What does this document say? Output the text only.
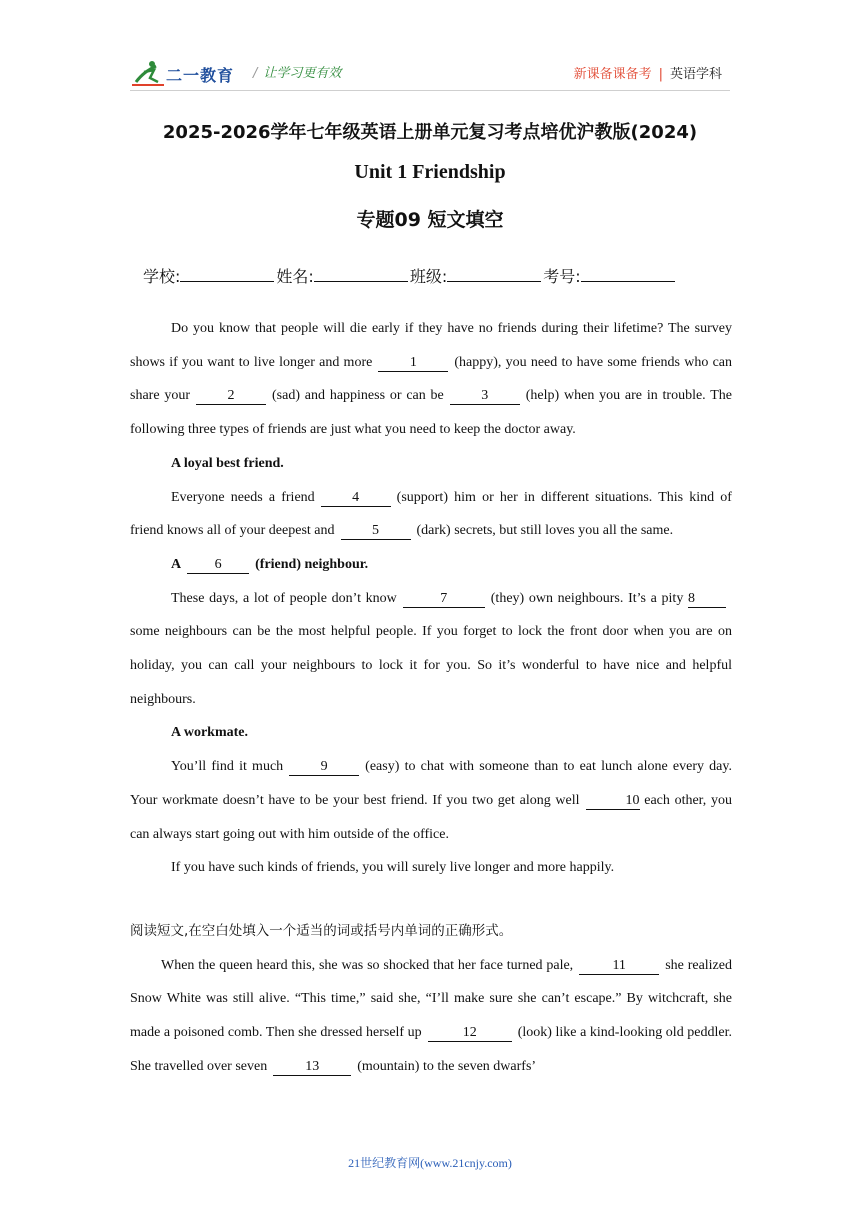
二一教育 / 让学习更有效	新课备课备考 | 英语学科
2025-2026学年七年级英语上册单元复习考点培优沪教版(2024)
Unit 1 Friendship
专题09 短文填空
学校:	姓名:	班级:	考号:

Do you know that people will die early if they have no friends during their lifetime? The survey shows if you want to live longer and more	1	(happy), you need to have some friends who can share your	2	(sad) and happiness or can be	3	(help) when you are in trouble. The following three types of friends are just what you need to keep the doctor away.

A loyal best friend.

Everyone needs a friend	4	(support) him or her in different situations. This kind of friend knows all of your deepest and	5	(dark) secrets, but still loves you all the same.

A 6 (friend) neighbour.

These days, a lot of people don’t know	7	(they) own neighbours. It’s a pity 8some neighbours can be the most helpful people. If you forget to lock the front door when you are on holiday, you can call your neighbours to lock it for you. So it’s wonderful to have nice and helpful neighbours.

A workmate.

You’ll find it much	9	(easy) to chat with someone than to eat lunch alone every day. Your workmate doesn’t have to be your best friend. If you two get along well	10 each other, you can always start going out with him outside of the office.

If you have such kinds of friends, you will surely live longer and more happily.

阅读短文,在空白处填入一个适当的词或括号内单词的正确形式。

When the queen heard this, she was so shocked that her face turned pale,	11	she realized Snow White was still alive. “This time,” said she, “I’ll make sure she can’t escape.” By witchcraft, she made a poisoned comb. Then she dressed herself up	12	(look) like a kind-looking old peddler. She travelled over seven	13	(mountain) to the seven dwarfs’

21世纪教育网(www.21cnjy.com)
